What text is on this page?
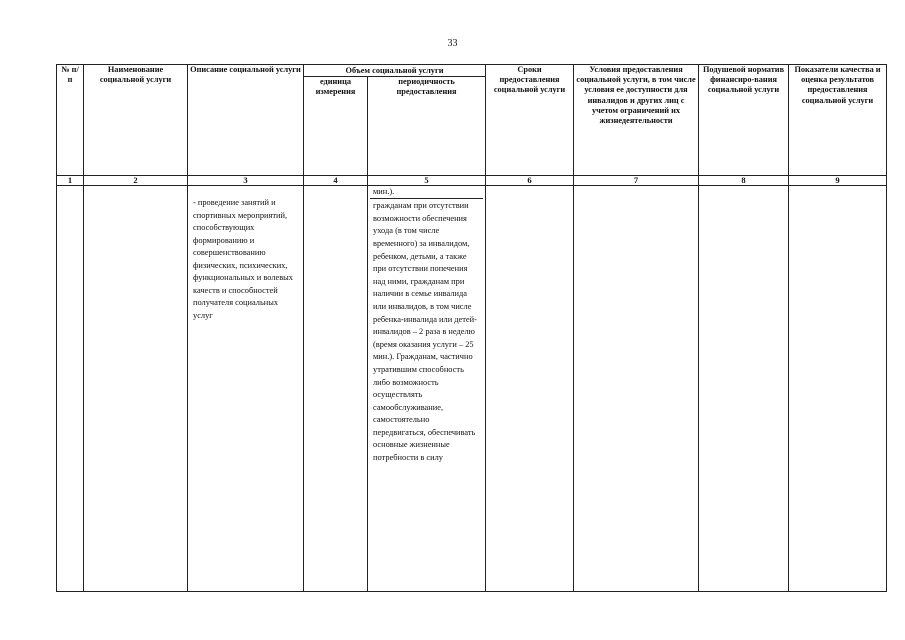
33
№ п/п	Наименование социальной услуги	Описание социальной услуги	Объем социальной услуги		Сроки предоставления социальной услуги	Условия предоставления социальной услуги, в том числе условия ее доступности для инвалидов и других лиц с учетом ограничений их жизнедеятельности	Подушевой норматив финансиро-вания социальной услуги	Показатели качества и оценка результатов предоставления социальной услуги
			единица измерения	периодичность предоставления				
1	2	3	4	5	6	7	8	9

		- проведение занятий и спортивных мероприятий, способствующих формированию и совершенствованию физических, психических, функциональных и волевых качеств и способностей получателя социальных услуг		мин.).
гражданам при отсутствии возможности обеспечения ухода (в том числе временного) за инвалидом, ребенком, детьми, а также при отсутствии попечения над ними, гражданам при наличии в семье инвалида или инвалидов, в том числе ребенка-инвалида или детей-инвалидов – 2 раза в неделю (время оказания услуги – 25 мин.). Гражданам, частично утратившим способность либо возможность осуществлять самообслуживание, самостоятельно передвигаться, обеспечивать основные жизненные потребности в силу				
